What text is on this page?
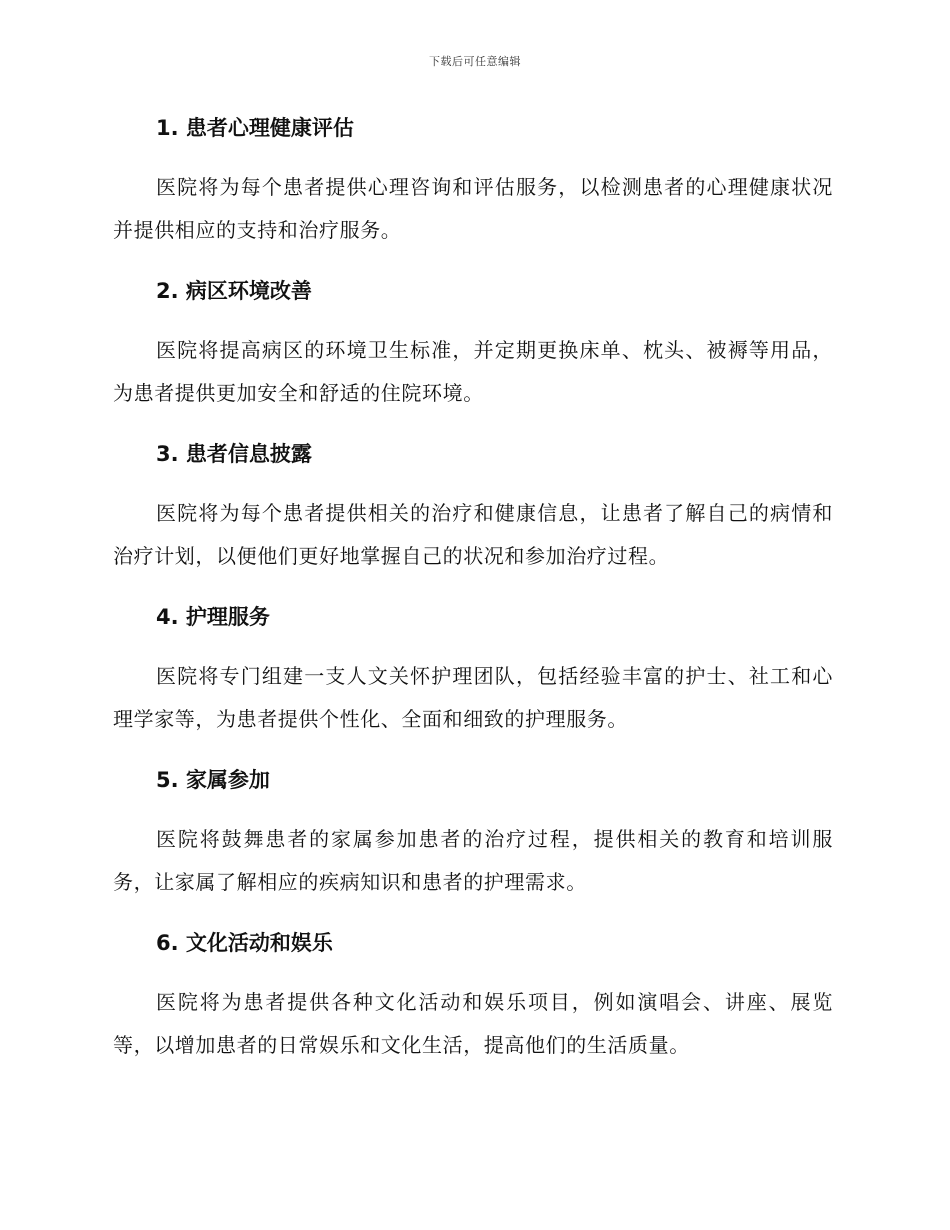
下载后可任意编辑
1. 患者心理健康评估

医院将为每个患者提供心理咨询和评估服务，以检测患者的心理健康状况并提供相应的支持和治疗服务。

2. 病区环境改善

医院将提高病区的环境卫生标准，并定期更换床单、枕头、被褥等用品，为患者提供更加安全和舒适的住院环境。

3. 患者信息披露

医院将为每个患者提供相关的治疗和健康信息，让患者了解自己的病情和治疗计划，以便他们更好地掌握自己的状况和参加治疗过程。

4. 护理服务

医院将专门组建一支人文关怀护理团队，包括经验丰富的护士、社工和心理学家等，为患者提供个性化、全面和细致的护理服务。

5. 家属参加

医院将鼓舞患者的家属参加患者的治疗过程，提供相关的教育和培训服务，让家属了解相应的疾病知识和患者的护理需求。

6. 文化活动和娱乐

医院将为患者提供各种文化活动和娱乐项目，例如演唱会、讲座、展览等，以增加患者的日常娱乐和文化生活，提高他们的生活质量。
